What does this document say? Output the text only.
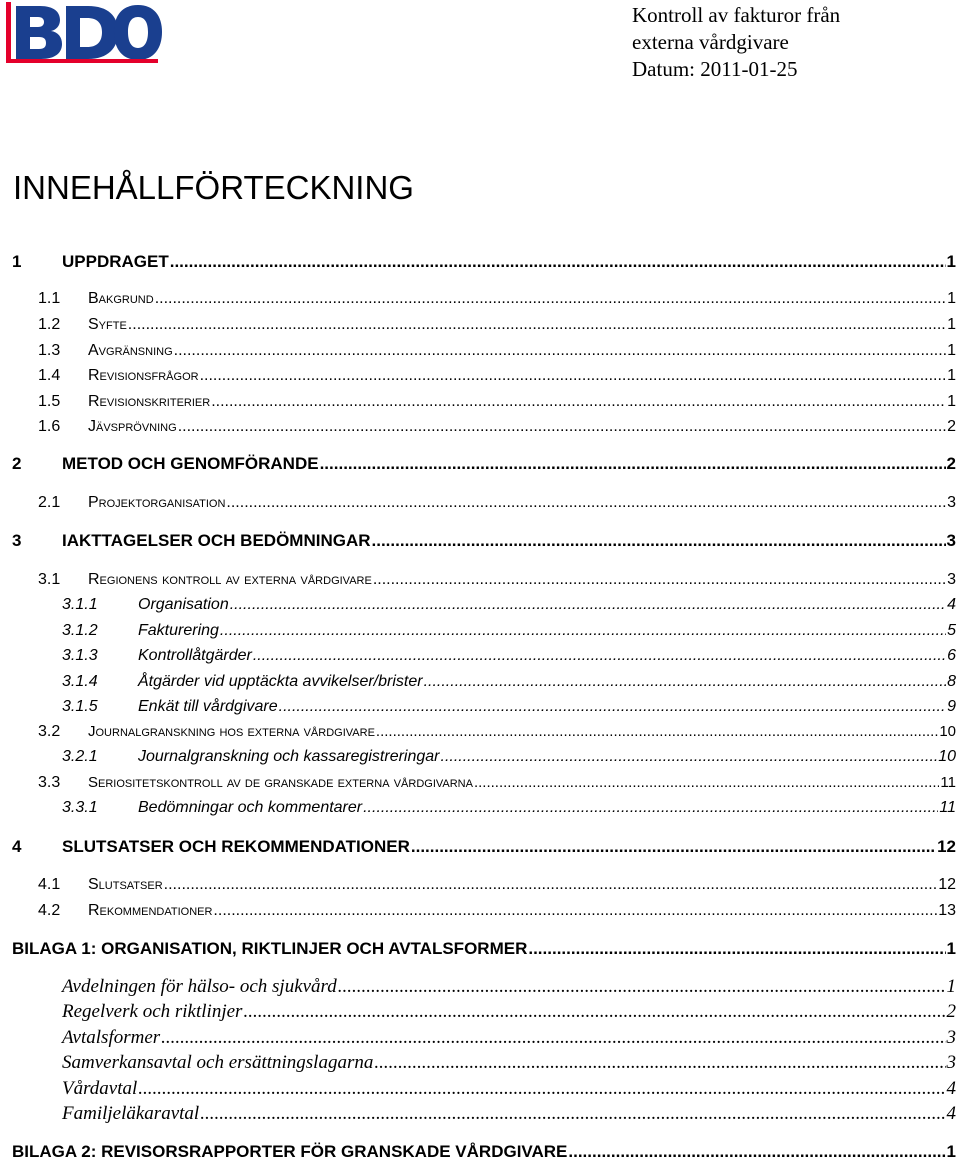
Kontroll av fakturor från
externa vårdgivare
Datum: 2011-01-25
INNEHÅLLFÖRTECKNING
1 UPPDRAGET .....	1
1.1 Bakgrund .....	1
1.2 Syfte .....	1
1.3 Avgränsning .....	1
1.4 Revisionsfrågor .....	1
1.5 Revisionskriterier .....	1
1.6 Jävsprövning .....	2
2 METOD OCH GENOMFÖRANDE .....	2
2.1 Projektorganisation .....	3
3 IAKTTAGELSER OCH BEDÖMNINGAR .....	3
3.1 Regionens kontroll av externa vårdgivare .....	3
3.1.1	Organisation .....	4
3.1.2	Fakturering .....	5
3.1.3	Kontrollåtgärder .....	6
3.1.4	Åtgärder vid upptäckta avvikelser/brister .....	8
3.1.5	Enkät till vårdgivare .....	9
3.2 Journalgranskning hos externa vårdgivare .....	10
3.2.1	Journalgranskning och kassaregistreringar .....	10
3.3 Seriositetskontroll av de granskade externa vårdgivarna .....	11
3.3.1	Bedömningar och kommentarer .....	11
4 SLUTSATSER OCH REKOMMENDATIONER .....	12
4.1 Slutsatser .....	12
4.2 Rekommendationer .....	13
BILAGA 1: ORGANISATION, RIKTLINJER OCH AVTALSFORMER .....	1
Avdelningen för hälso- och sjukvård .....	1
Regelverk och riktlinjer .....	2
Avtalsformer .....	3
Samverkansavtal och ersättningslagarna .....	3
Vårdavtal .....	4
Familjeläkaravtal .....	4
BILAGA 2: REVISORSRAPPORTER FÖR GRANSKADE VÅRDGIVARE .....	1
